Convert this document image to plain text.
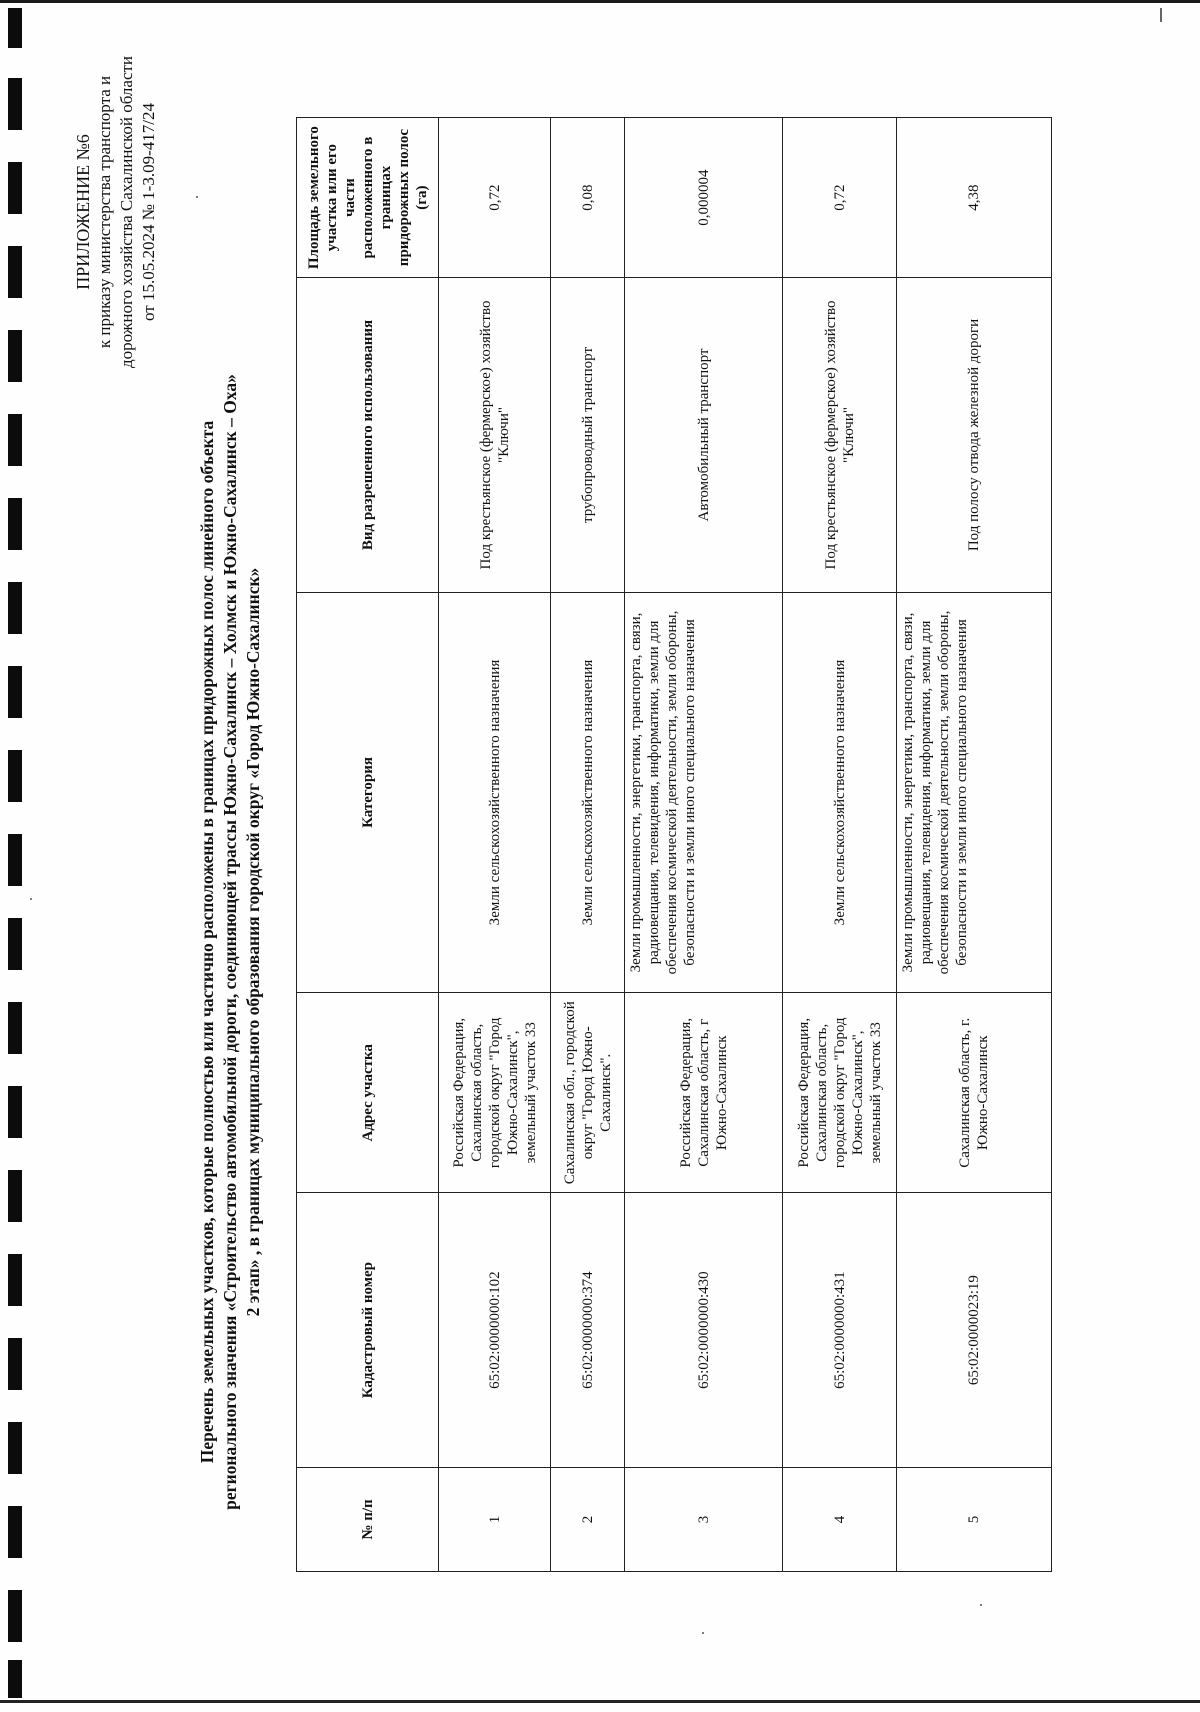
ПРИЛОЖЕНИЕ №6 к приказу министерства транспорта и дорожного хозяйства Сахалинской области от 15.05.2024 № 1-3.09-417/24
Перечень земельных участков, которые полностью или частично расположены в границах придорожных полос линейного объекта регионального значения «Строительство автомобильной дороги, соединяющей трассы Южно-Сахалинск – Холмск и Южно-Сахалинск – Оха» 2 этап» , в границах муниципального образования городской округ «Город Южно-Сахалинск»
№ п/п	Кадастровый номер	Адрес участка	Категория	Вид разрешенного использования	Площадь земельного участка или его части расположенного в границах придорожных полос (га)
1	65:02:0000000:102	Российская Федерация, Сахалинская область, городской округ "Город Южно-Сахалинск", земельный участок 33	Земли сельскохозяйственного назначения	Под крестьянское (фермерское) хозяйство "Ключи"	0,72
2	65:02:0000000:374	Сахалинская обл., городской округ "Город Южно-Сахалинск".	Земли сельскохозяйственного назначения	трубопроводный транспорт	0,08
3	65:02:0000000:430	Российская Федерация, Сахалинская область, г Южно-Сахалинск	Земли промышленности, энергетики, транспорта, связи, радиовещания, телевидения, информатики, земли для обеспечения космической деятельности, земли обороны, безопасности и земли иного специального назначения	Автомобильный транспорт	0,000004
4	65:02:0000000:431	Российская Федерация, Сахалинская область, городской округ "Город Южно-Сахалинск", земельный участок 33	Земли сельскохозяйственного назначения	Под крестьянское (фермерское) хозяйство "Ключи"	0,72
5	65:02:0000023:19	Сахалинская область, г. Южно-Сахалинск	Земли промышленности, энергетики, транспорта, связи, радиовещания, телевидения, информатики, земли для обеспечения космической деятельности, земли обороны, безопасности и земли иного специального назначения	Под полосу отвода железной дороги	4,38
